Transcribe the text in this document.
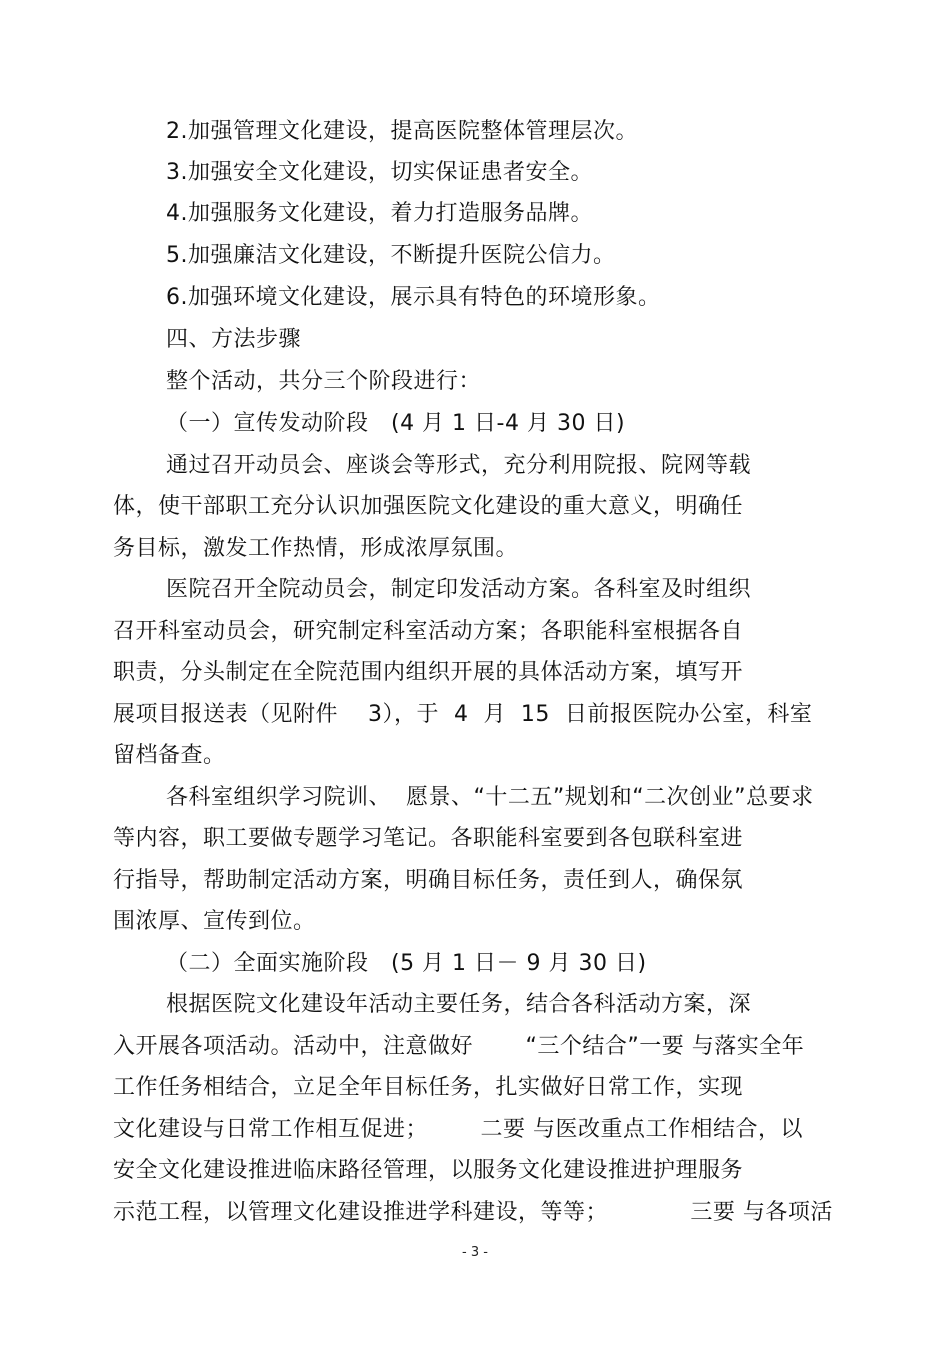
2.加强管理文化建设，提高医院整体管理层次。
3.加强安全文化建设，切实保证患者安全。
4.加强服务文化建设，着力打造服务品牌。
5.加强廉洁文化建设，不断提升医院公信力。
6.加强环境文化建设，展示具有特色的环境形象。
四、方法步骤
整个活动，共分三个阶段进行：
（一）宣传发动阶段   (4 月 1 日-4 月 30 日)
通过召开动员会、座谈会等形式，充分利用院报、院网等载
体，使干部职工充分认识加强医院文化建设的重大意义，明确任
务目标，激发工作热情，形成浓厚氛围。
医院召开全院动员会，制定印发活动方案。各科室及时组织
召开科室动员会，研究制定科室活动方案；各职能科室根据各自
职责，分头制定在全院范围内组织开展的具体活动方案，填写开
展项目报送表（见附件    3），于  4  月  15  日前报医院办公室，科室
留档备查。
各科室组织学习院训、  愿景、“十二五”规划和“二次创业”总要求
等内容，职工要做专题学习笔记。各职能科室要到各包联科室进
行指导，帮助制定活动方案，明确目标任务，责任到人，确保氛
围浓厚、宣传到位。
（二）全面实施阶段   (5 月 1 日－ 9 月 30 日)
根据医院文化建设年活动主要任务，结合各科活动方案，深
入开展各项活动。活动中，注意做好       “三个结合”一要 与落实全年
工作任务相结合，立足全年目标任务，扎实做好日常工作，实现
文化建设与日常工作相互促进；       二要 与医改重点工作相结合，以
安全文化建设推进临床路径管理，以服务文化建设推进护理服务
示范工程，以管理文化建设推进学科建设，等等；           三要 与各项活
- 3 -
